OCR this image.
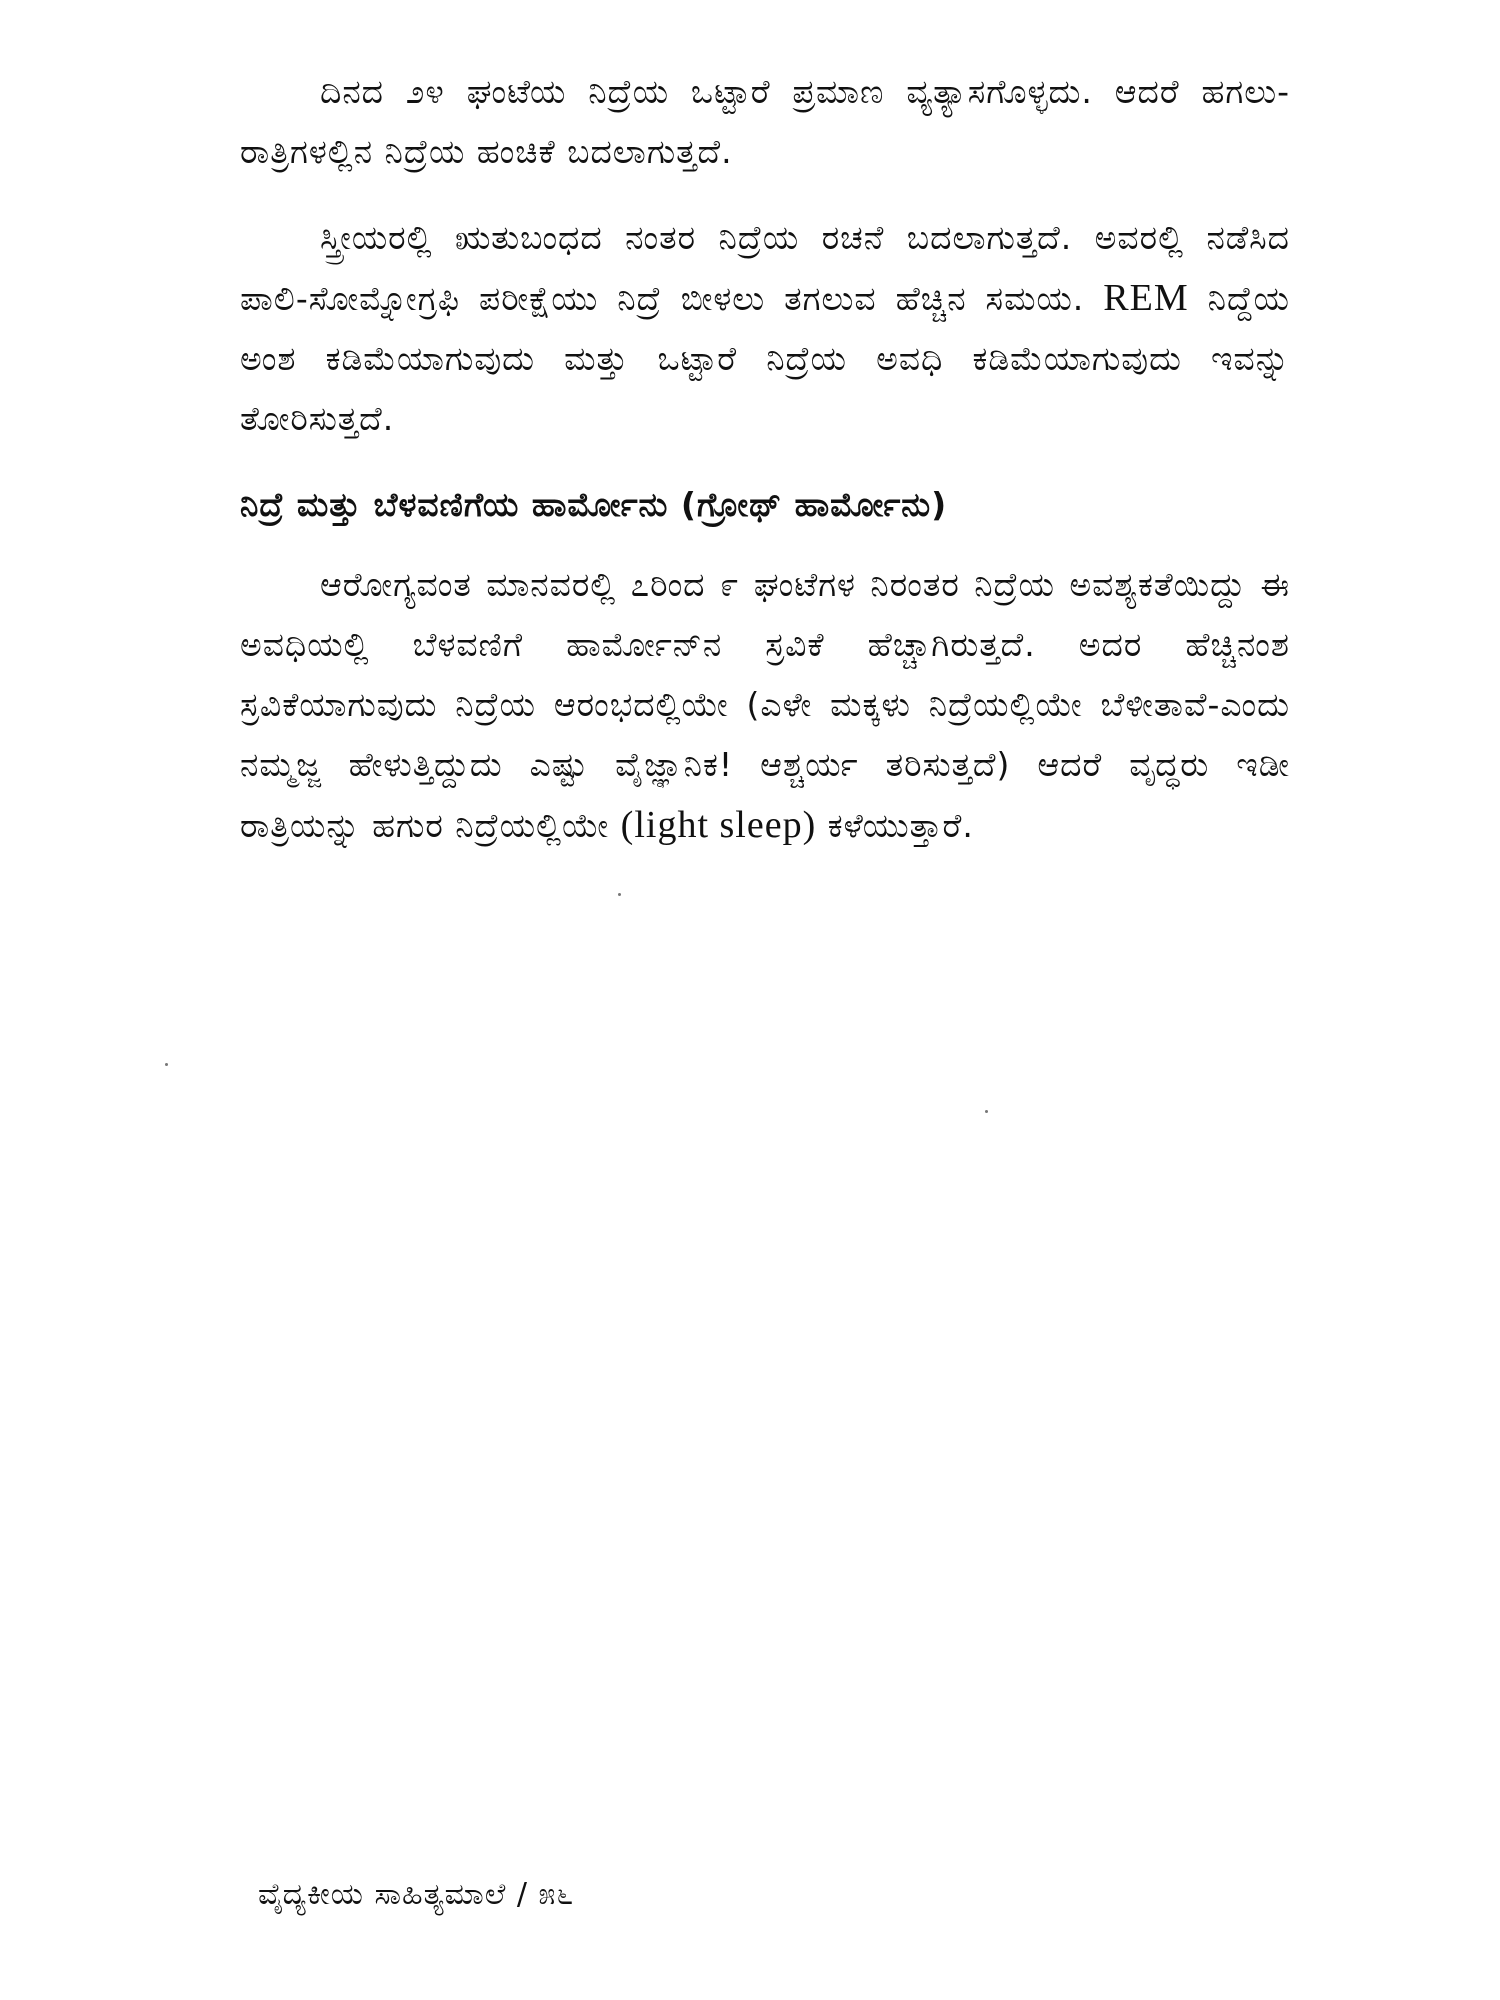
ದಿನದ ೨೪ ಘಂಟೆಯ ನಿದ್ರೆಯ ಒಟ್ಟಾರೆ ಪ್ರಮಾಣ ವ್ಯತ್ಯಾಸಗೊಳ್ಳದು. ಆದರೆ ಹಗಲು-ರಾತ್ರಿಗಳಲ್ಲಿನ ನಿದ್ರೆಯ ಹಂಚಿಕೆ ಬದಲಾಗುತ್ತದೆ.

ಸ್ತ್ರೀಯರಲ್ಲಿ ಋತುಬಂಧದ ನಂತರ ನಿದ್ರೆಯ ರಚನೆ ಬದಲಾಗುತ್ತದೆ. ಅವರಲ್ಲಿ ನಡೆಸಿದ ಪಾಲಿ-ಸೋಮ್ನೋಗ್ರಫಿ ಪರೀಕ್ಷೆಯು ನಿದ್ರೆ ಬೀಳಲು ತಗಲುವ ಹೆಚ್ಚಿನ ಸಮಯ. REM ನಿದ್ದೆಯ ಅಂಶ ಕಡಿಮೆಯಾಗುವುದು ಮತ್ತು ಒಟ್ಟಾರೆ ನಿದ್ರೆಯ ಅವಧಿ ಕಡಿಮೆಯಾಗುವುದು ಇವನ್ನು ತೋರಿಸುತ್ತದೆ.

ನಿದ್ರೆ ಮತ್ತು ಬೆಳವಣಿಗೆಯ ಹಾರ್ಮೋನು (ಗ್ರೋಥ್ ಹಾರ್ಮೋನು)

ಆರೋಗ್ಯವಂತ ಮಾನವರಲ್ಲಿ ೭ರಿಂದ ೯ ಘಂಟೆಗಳ ನಿರಂತರ ನಿದ್ರೆಯ ಅವಶ್ಯಕತೆಯಿದ್ದು ಈ ಅವಧಿಯಲ್ಲಿ ಬೆಳವಣಿಗೆ ಹಾರ್ಮೋನ್‌ನ ಸ್ರವಿಕೆ ಹೆಚ್ಚಾಗಿರುತ್ತದೆ. ಅದರ ಹೆಚ್ಚಿನಂಶ ಸ್ರವಿಕೆಯಾಗುವುದು ನಿದ್ರೆಯ ಆರಂಭದಲ್ಲಿಯೇ (ಎಳೇ ಮಕ್ಕಳು ನಿದ್ರೆಯಲ್ಲಿಯೇ ಬೆಳೀತಾವೆ-ಎಂದು ನಮ್ಮಜ್ಜ ಹೇಳುತ್ತಿದ್ದುದು ಎಷ್ಟು ವೈಜ್ಞಾನಿಕ! ಆಶ್ಚರ್ಯ ತರಿಸುತ್ತದೆ) ಆದರೆ ವೃದ್ಧರು ಇಡೀ ರಾತ್ರಿಯನ್ನು ಹಗುರ ನಿದ್ರೆಯಲ್ಲಿಯೇ (light sleep) ಕಳೆಯುತ್ತಾರೆ.

ವೈದ್ಯಕೀಯ ಸಾಹಿತ್ಯಮಾಲೆ / ೫೬
